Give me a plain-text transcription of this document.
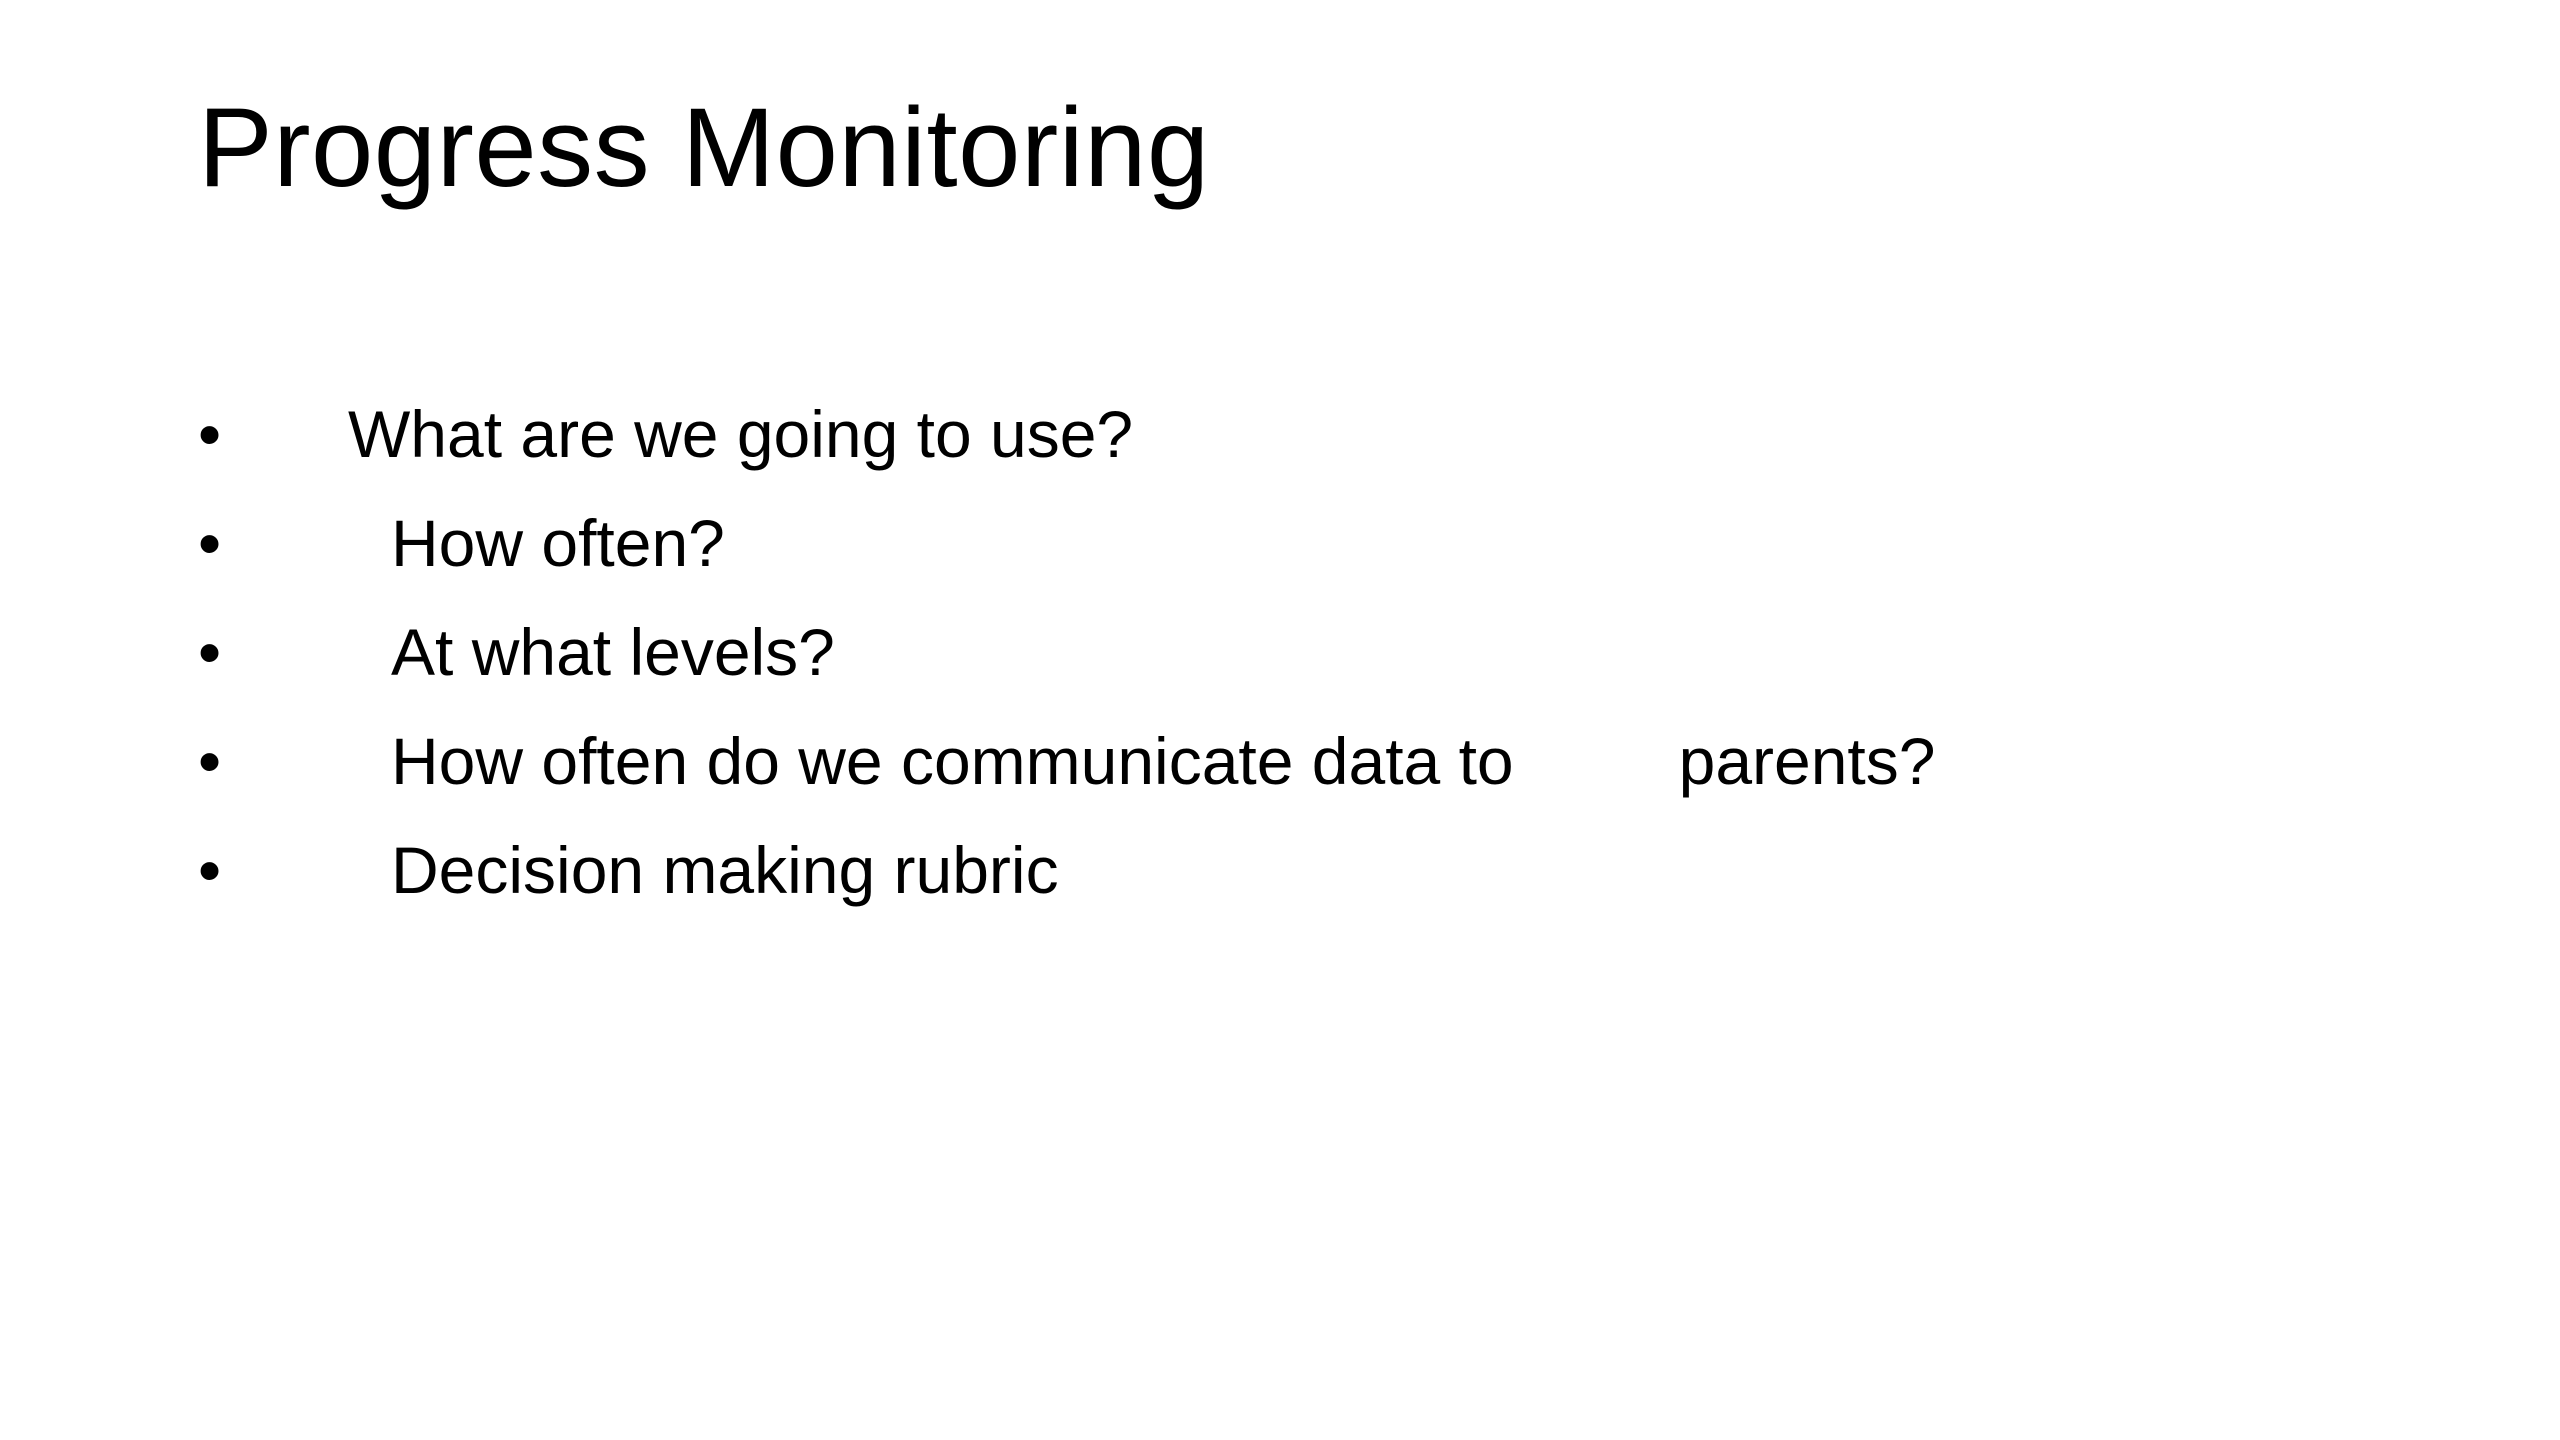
Progress Monitoring
• What are we going to use?
•	How often?
•	At what levels?
•	How often do we communicate data to	parents?
•	Decision making rubric
